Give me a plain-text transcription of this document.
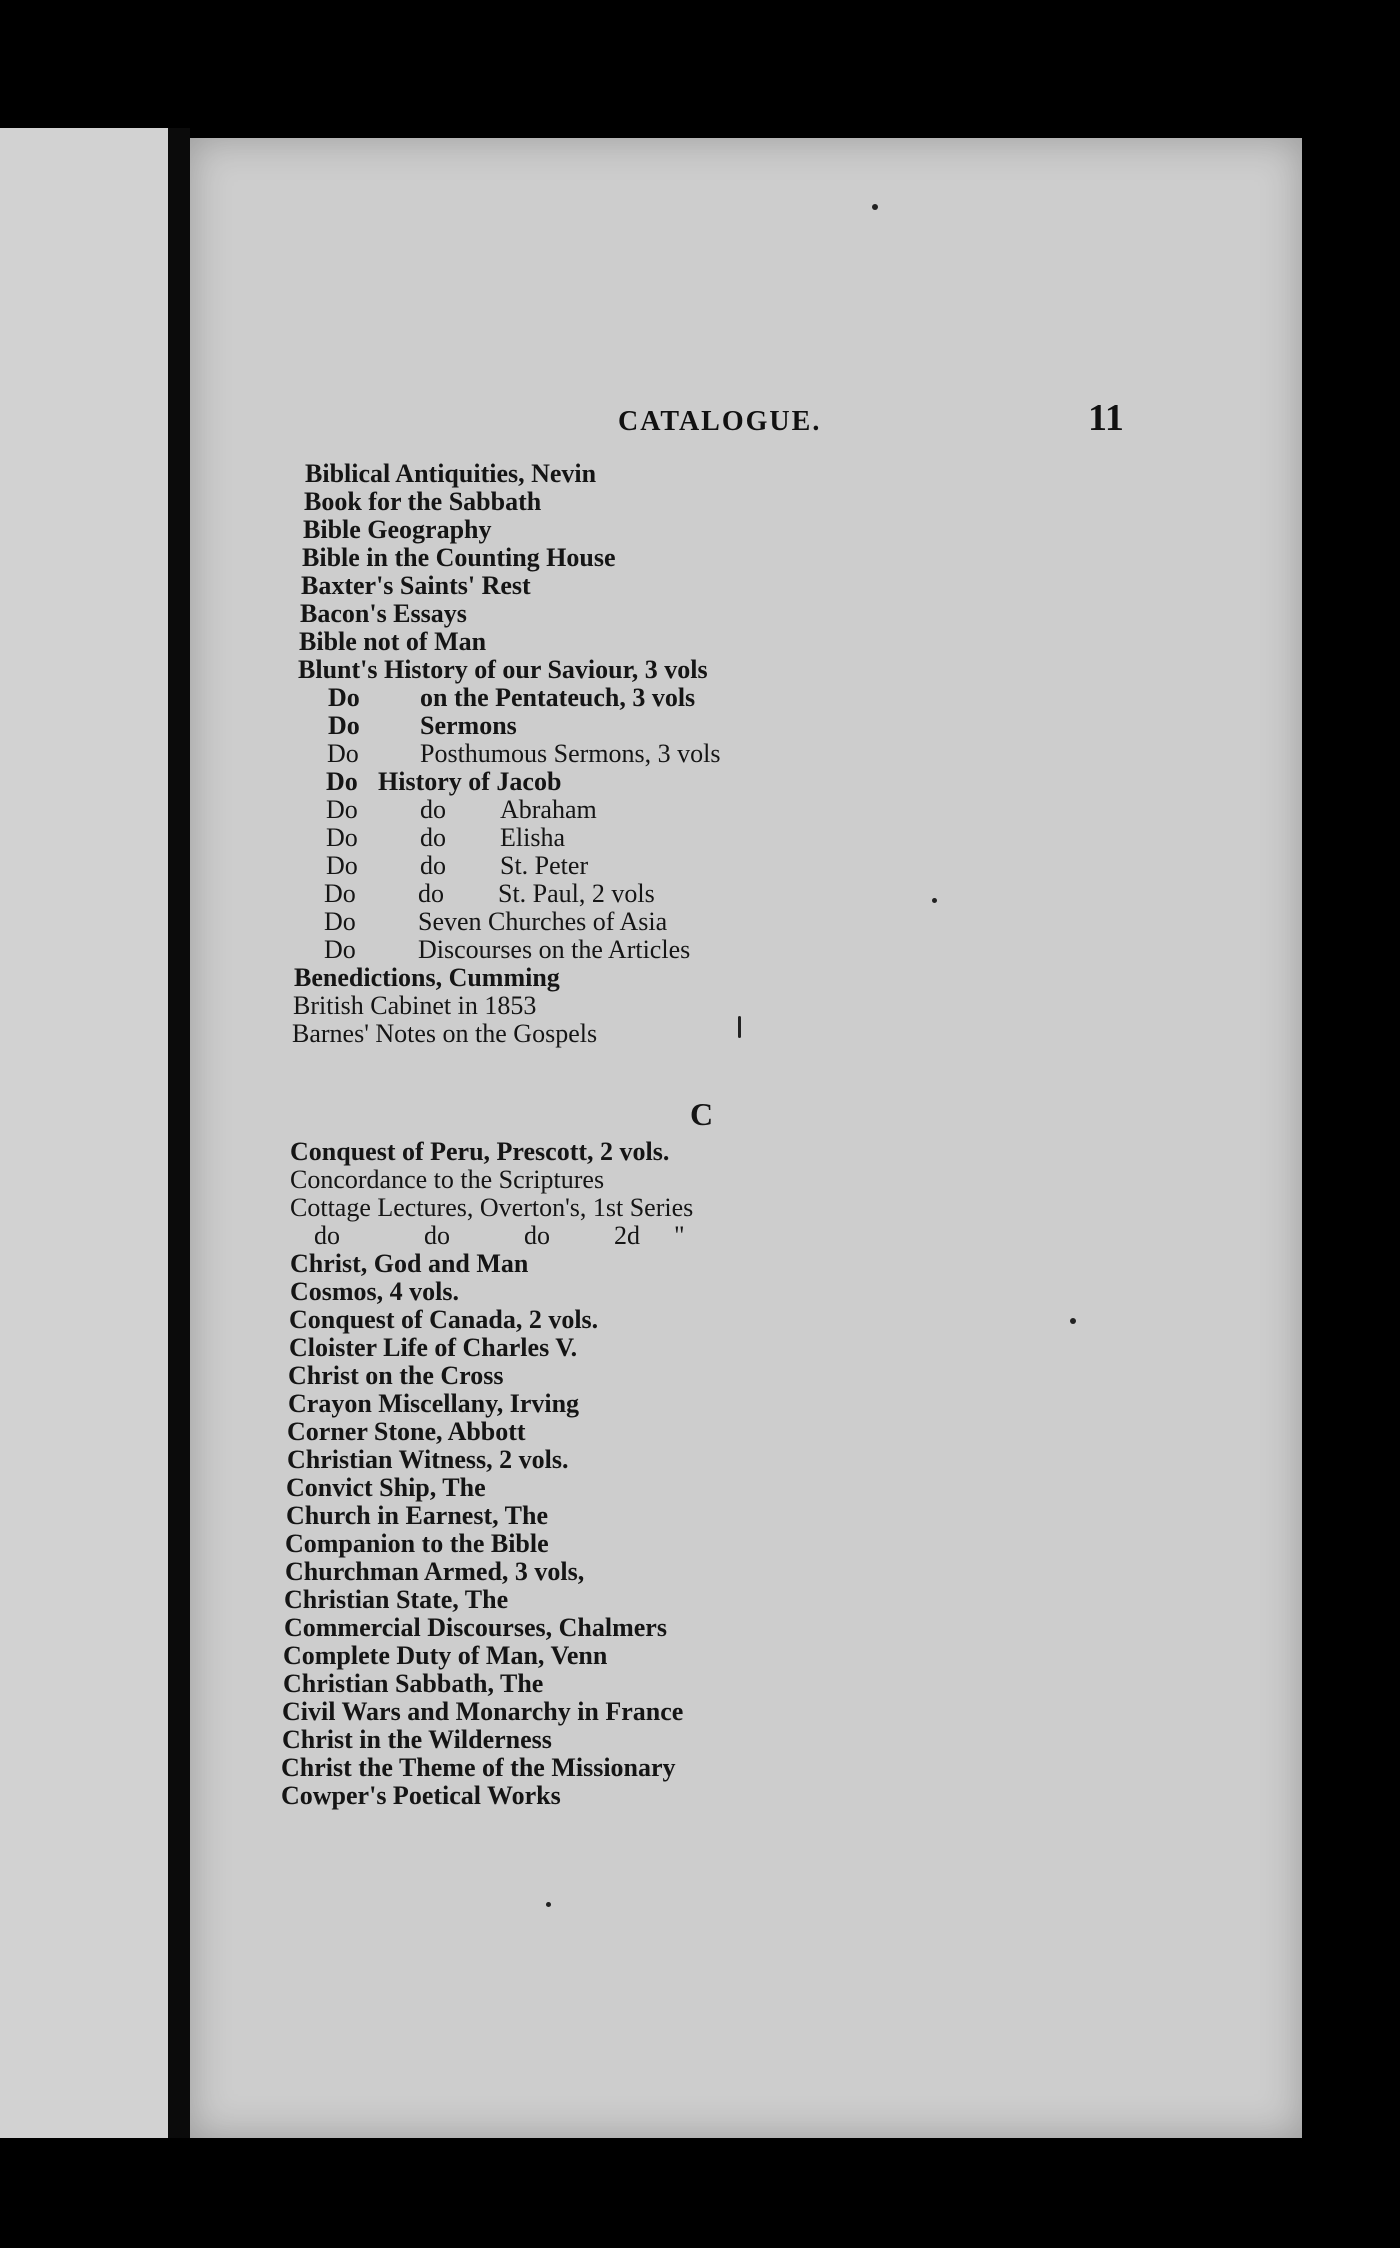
CATALOGUE.	11
Biblical Antiquities, Nevin
Book for the Sabbath
Bible Geography
Bible in the Counting House
Baxter's Saints' Rest
Bacon's Essays
Bible not of Man
Blunt's History of our Saviour, 3 vols
Do on the Pentateuch, 3 vols
Do Sermons
Do Posthumous Sermons, 3 vols
Do History of Jacob
Do do Abraham
Do do Elisha
Do do St. Peter
Do do St. Paul, 2 vols
Do Seven Churches of Asia
Do Discourses on the Articles
Benedictions, Cumming
British Cabinet in 1853
Barnes' Notes on the Gospels
C
Conquest of Peru, Prescott, 2 vols.
Concordance to the Scriptures
Cottage Lectures, Overton's, 1st Series
do	do	do 2d "
Christ, God and Man
Cosmos, 4 vols.
Conquest of Canada, 2 vols.
Cloister Life of Charles V.
Christ on the Cross
Crayon Miscellany, Irving
Corner Stone, Abbott
Christian Witness, 2 vols.
Convict Ship, The
Church in Earnest, The
Companion to the Bible
Churchman Armed, 3 vols,
Christian State, The
Commercial Discourses, Chalmers
Complete Duty of Man, Venn
Christian Sabbath, The
Civil Wars and Monarchy in France
Christ in the Wilderness
Christ the Theme of the Missionary
Cowper's Poetical Works
